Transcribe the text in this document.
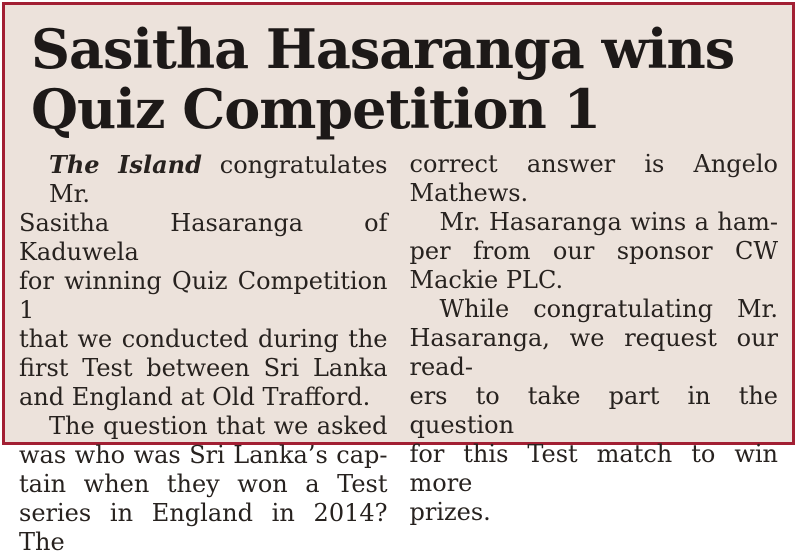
Sasitha Hasaranga wins
Quiz Competition 1
The Island congratulates Mr.
Sasitha Hasaranga of Kaduwela
for winning Quiz Competition 1
that we conducted during the
first Test between Sri Lanka
and England at Old Trafford.
The question that we asked
was who was Sri Lanka’s cap-
tain when they won a Test
series in England in 2014? The
correct answer is Angelo
Mathews.
Mr. Hasaranga wins a ham-
per from our sponsor CW
Mackie PLC.
While congratulating Mr.
Hasaranga, we request our read-
ers to take part in the question
for this Test match to win more
prizes.
